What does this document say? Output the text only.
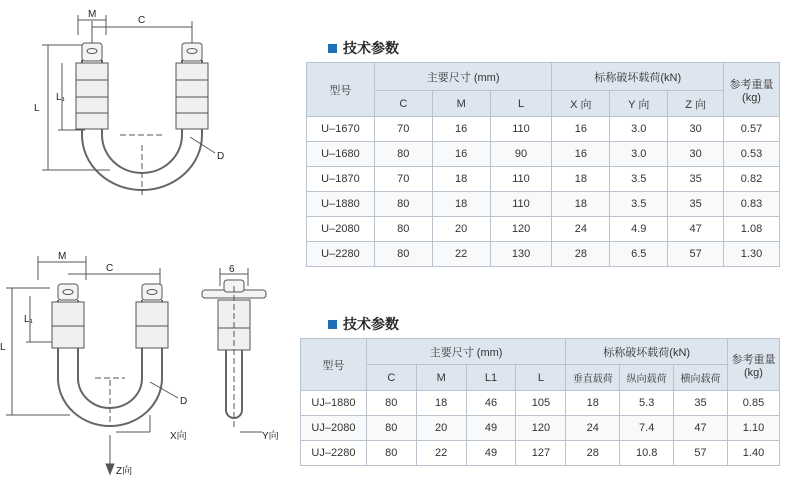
M
C
L
L₁
D
M
C
L
L₁
D
6
X向	Y向
Z向
技术参数
型号	主要尺寸 (mm)			标称破坏载荷(kN)			参考重量 (kg)
	C	M	L	X 向	Y 向	Z 向	
U–1670	70	16	110	16	3.0	30	0.57
U–1680	80	16	90	16	3.0	30	0.53
U–1870	70	18	110	18	3.5	35	0.82
U–1880	80	18	110	18	3.5	35	0.83
U–2080	80	20	120	24	4.9	47	1.08
U–2280	80	22	130	28	6.5	57	1.30
技术参数
型号	主要尺寸 (mm)				标称破坏载荷(kN)			参考重量 (kg)
	C	M	L1	L	垂直载荷	纵向载荷	横向载荷	
UJ–1880	80	18	46	105	18	5.3	35	0.85
UJ–2080	80	20	49	120	24	7.4	47	1.10
UJ–2280	80	22	49	127	28	10.8	57	1.40
